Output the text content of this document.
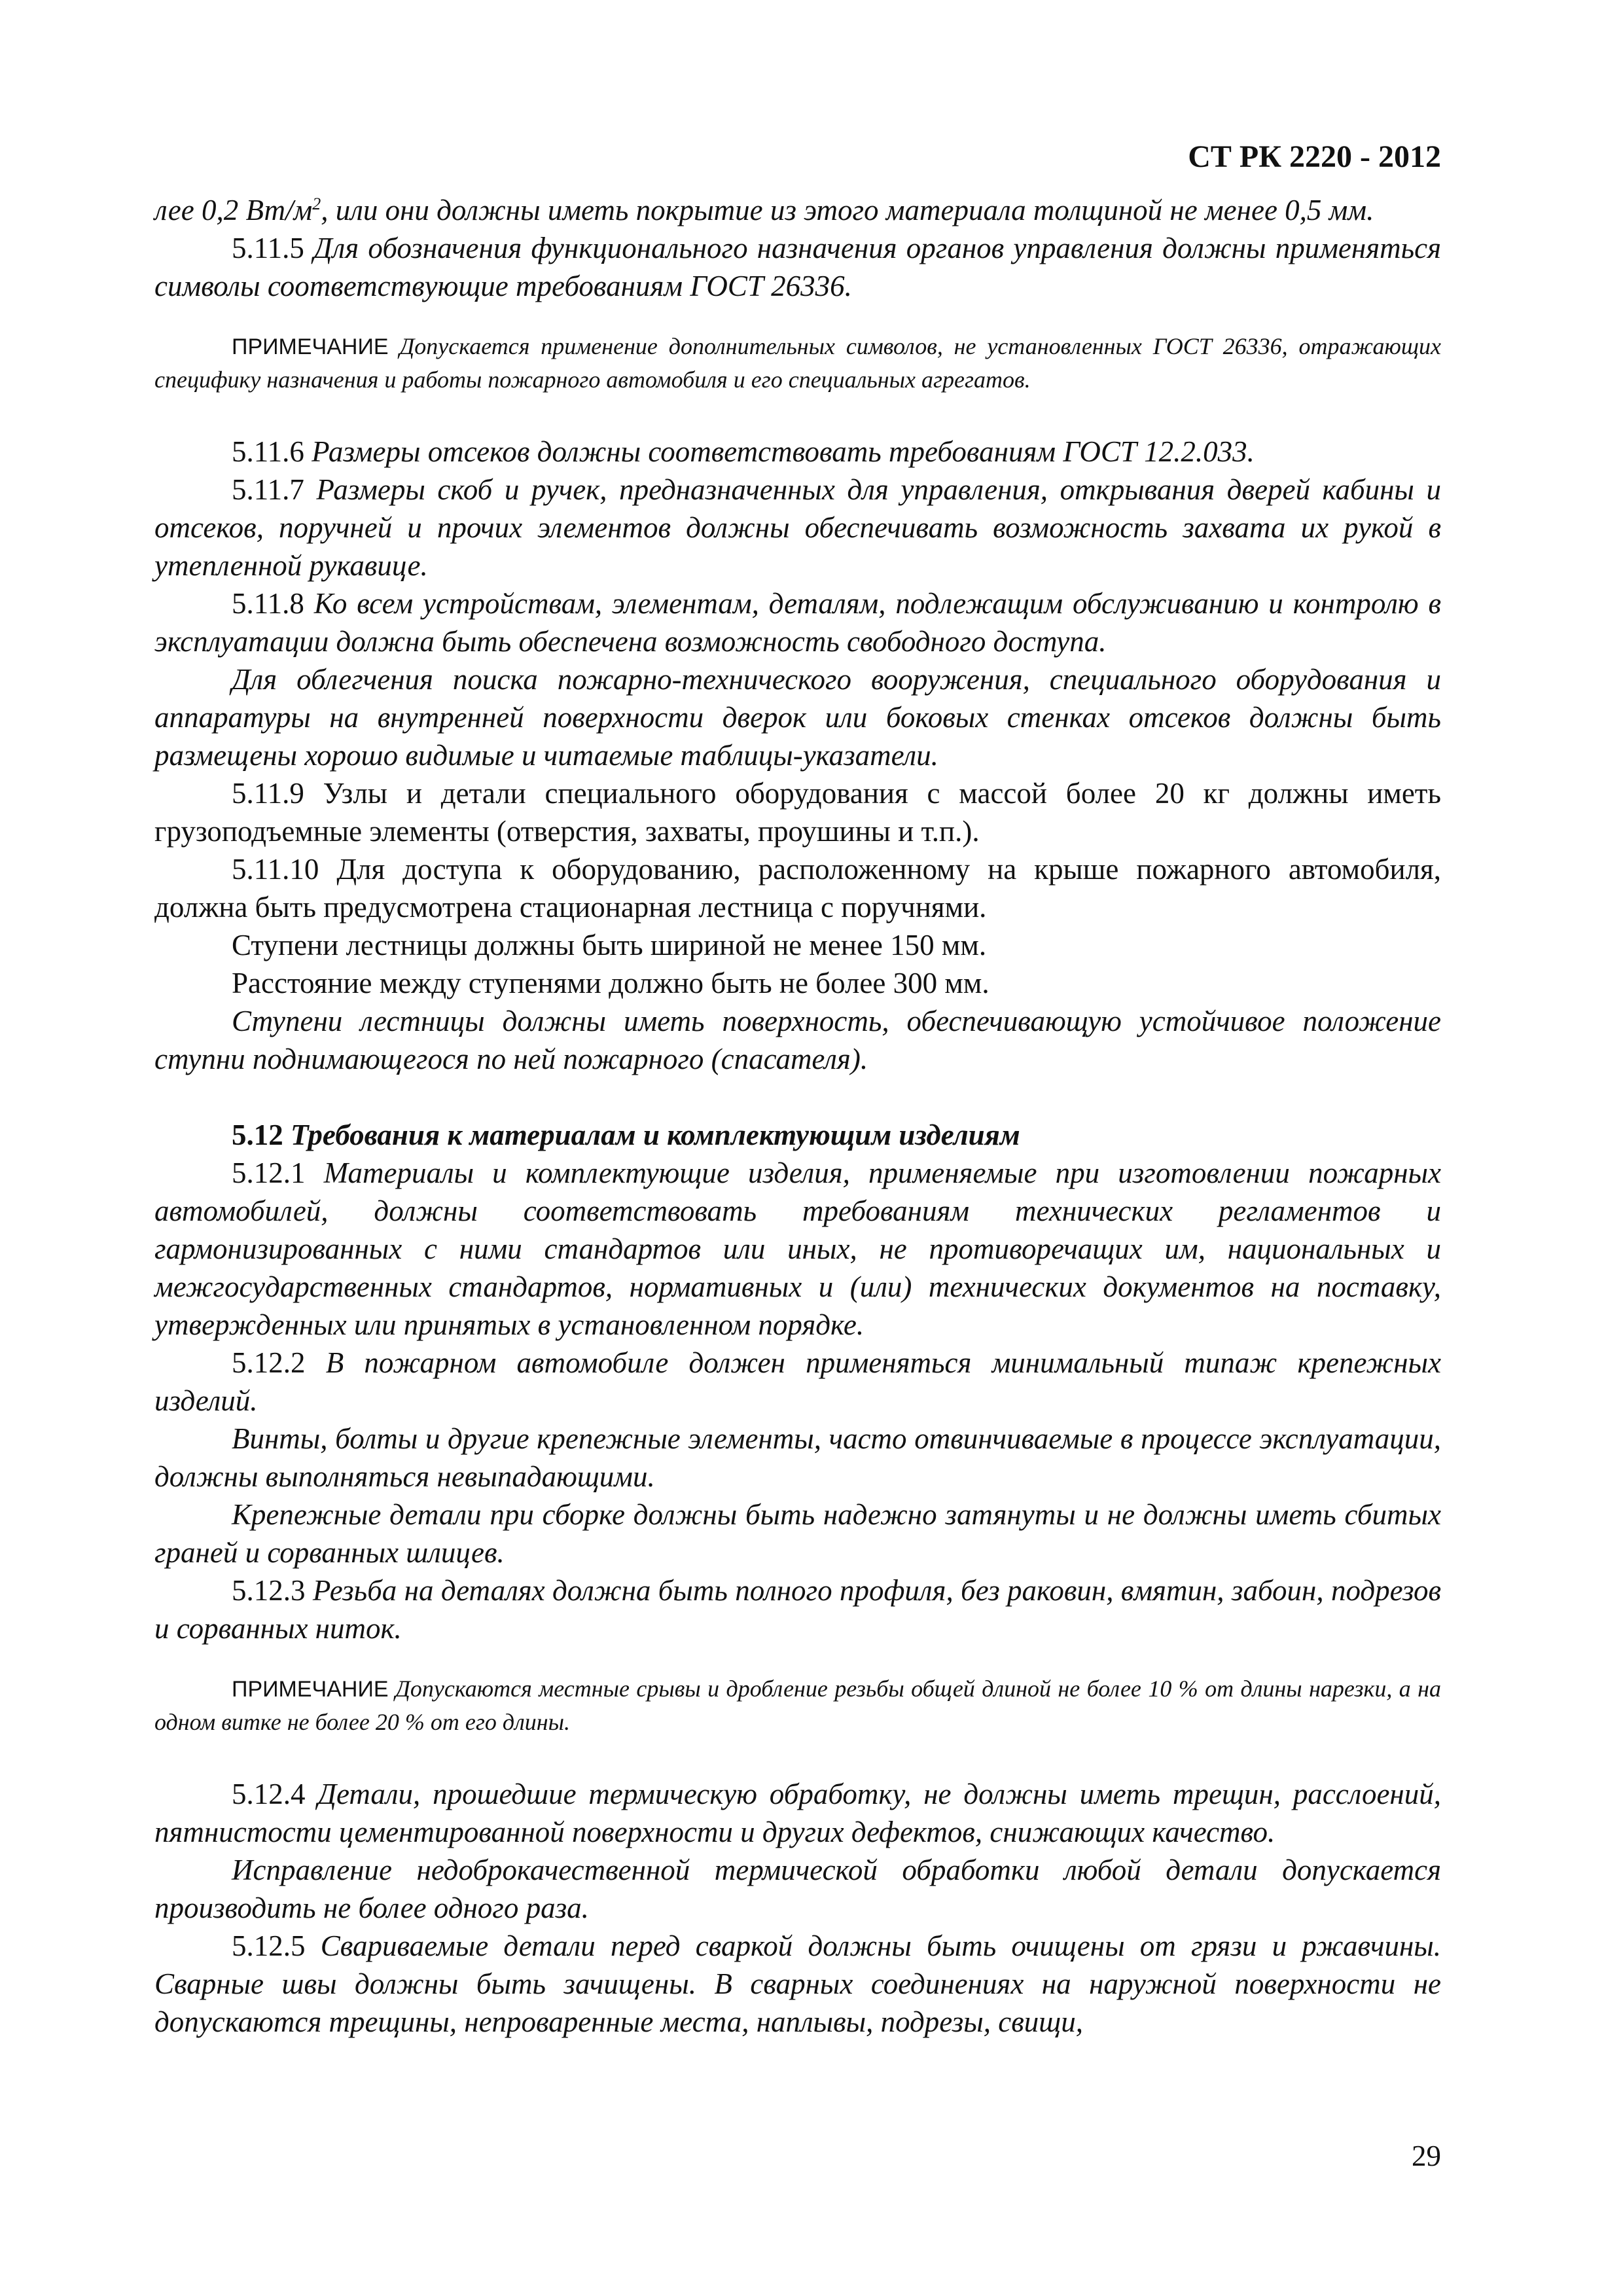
СТ РК 2220 - 2012

лее 0,2 $Вт/м^2$, или они должны иметь покрытие из этого материала толщиной не менее 0,5 мм.

5.11.5 Для обозначения функционального назначения органов управления должны применяться символы соответствующие требованиям ГОСТ 26336.

ПРИМЕЧАНИЕ Допускается применение дополнительных символов, не установленных ГОСТ 26336, отражающих специфику назначения и работы пожарного автомобиля и его специальных агрегатов.

5.11.6 Размеры отсеков должны соответствовать требованиям ГОСТ 12.2.033.

5.11.7 Размеры скоб и ручек, предназначенных для управления, открывания дверей кабины и отсеков, поручней и прочих элементов должны обеспечивать возможность захвата их рукой в утепленной рукавице.

5.11.8 Ко всем устройствам, элементам, деталям, подлежащим обслуживанию и контролю в эксплуатации должна быть обеспечена возможность свободного доступа.

Для облегчения поиска пожарно-технического вооружения, специального оборудования и аппаратуры на внутренней поверхности дверок или боковых стенках отсеков должны быть размещены хорошо видимые и читаемые таблицы-указатели.

5.11.9 Узлы и детали специального оборудования с массой более 20 кг должны иметь грузоподъемные элементы (отверстия, захваты, проушины и т.п.).

5.11.10 Для доступа к оборудованию, расположенному на крыше пожарного автомобиля, должна быть предусмотрена стационарная лестница с поручнями.

Ступени лестницы должны быть шириной не менее 150 мм.

Расстояние между ступенями должно быть не более 300 мм.

Ступени лестницы должны иметь поверхность, обеспечивающую устойчивое положение ступни поднимающегося по ней пожарного (спасателя).

5.12 Требования к материалам и комплектующим изделиям

5.12.1 Материалы и комплектующие изделия, применяемые при изготовлении пожарных автомобилей, должны соответствовать требованиям технических регламентов и гармонизированных с ними стандартов или иных, не противоречащих им, национальных и межгосударственных стандартов, нормативных и (или) технических документов на поставку, утвержденных или принятых в установленном порядке.

5.12.2 В пожарном автомобиле должен применяться минимальный типаж крепежных изделий.

Винты, болты и другие крепежные элементы, часто отвинчиваемые в процессе эксплуатации, должны выполняться невыпадающими.

Крепежные детали при сборке должны быть надежно затянуты и не должны иметь сбитых граней и сорванных шлицев.

5.12.3 Резьба на деталях должна быть полного профиля, без раковин, вмятин, забоин, подрезов и сорванных ниток.

ПРИМЕЧАНИЕ Допускаются местные срывы и дробление резьбы общей длиной не более 10 % от длины нарезки, а на одном витке не более 20 % от его длины.

5.12.4 Детали, прошедшие термическую обработку, не должны иметь трещин, расслоений, пятнистости цементированной поверхности и других дефектов, снижающих качество.

Исправление недоброкачественной термической обработки любой детали допускается производить не более одного раза.

5.12.5 Свариваемые детали перед сваркой должны быть очищены от грязи и ржавчины. Сварные швы должны быть зачищены. В сварных соединениях на наружной поверхности не допускаются трещины, непроваренные места, наплывы, подрезы, свищи,

29
